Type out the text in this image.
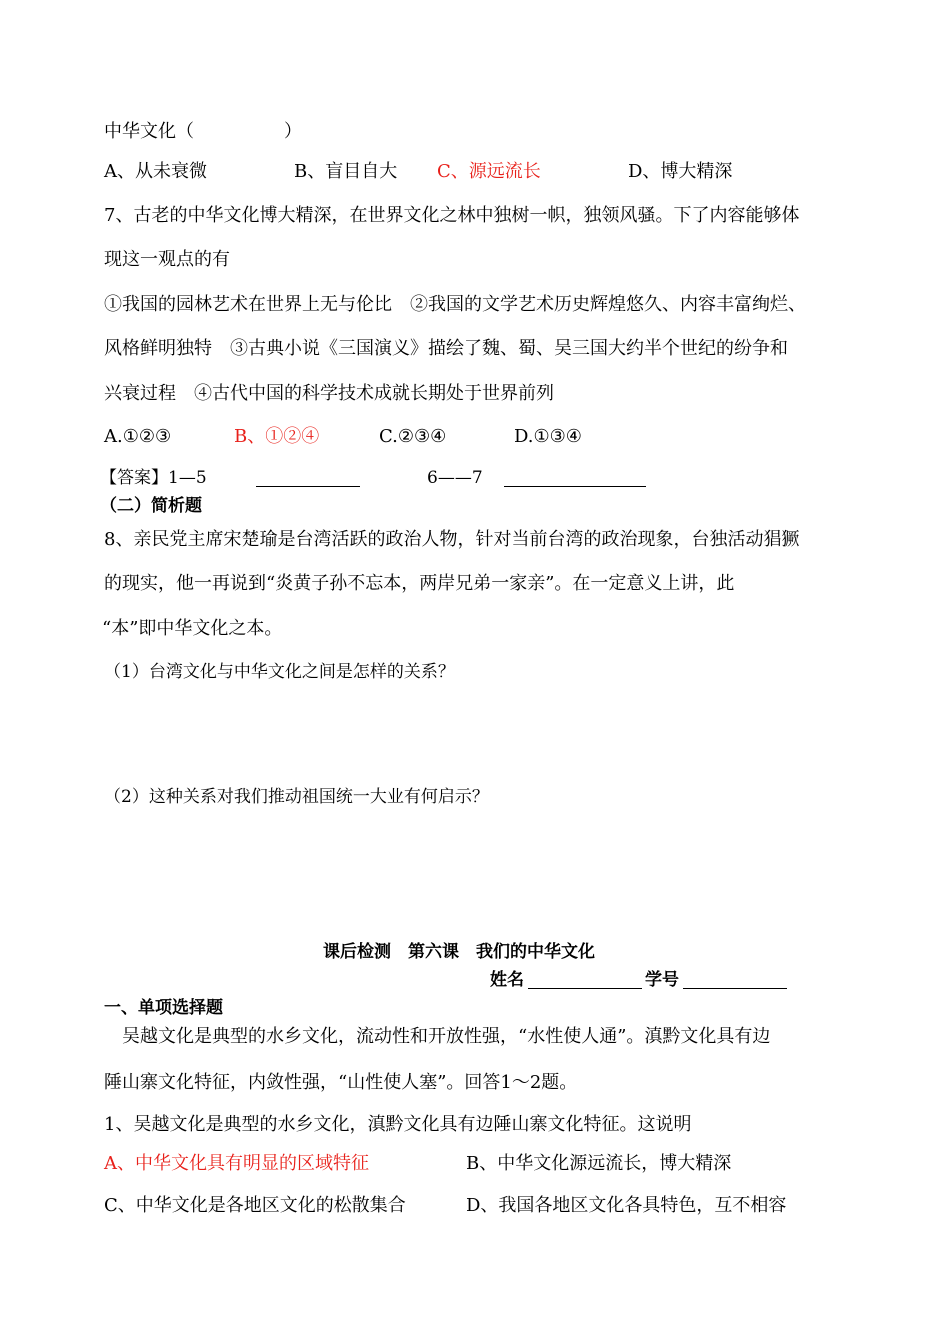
中华文化（　　　　　）
A、从未衰微	B、盲目自大 C、源远流长	D、博大精深
7、古老的中华文化博大精深，在世界文化之林中独树一帜，独领风骚。下了内容能够体
现这一观点的有
①我国的园林艺术在世界上无与伦比　②我国的文学艺术历史辉煌悠久、内容丰富绚烂、
风格鲜明独特　③古典小说《三国演义》描绘了魏、蜀、吴三国大约半个世纪的纷争和
兴衰过程　④古代中国的科学技术成就长期处于世界前列
A.①②③	B、①②④	C.②③④	D.①③④
【答案】1—5	6——7
（二）简析题
8、亲民党主席宋楚瑜是台湾活跃的政治人物，针对当前台湾的政治现象，台独活动猖獗
的现实，他一再说到“炎黄子孙不忘本，两岸兄弟一家亲”。在一定意义上讲，此
“本”即中华文化之本。
（1）台湾文化与中华文化之间是怎样的关系？
（2）这种关系对我们推动祖国统一大业有何启示？
课后检测　第六课　我们的中华文化
姓名	学号
一、单项选择题
　吴越文化是典型的水乡文化，流动性和开放性强，“水性使人通”。滇黔文化具有边
陲山寨文化特征，内敛性强，“山性使人塞”。回答1～2题。
1、吴越文化是典型的水乡文化，滇黔文化具有边陲山寨文化特征。这说明
A、中华文化具有明显的区域特征	B、中华文化源远流长，博大精深
C、中华文化是各地区文化的松散集合	D、我国各地区文化各具特色，互不相容
